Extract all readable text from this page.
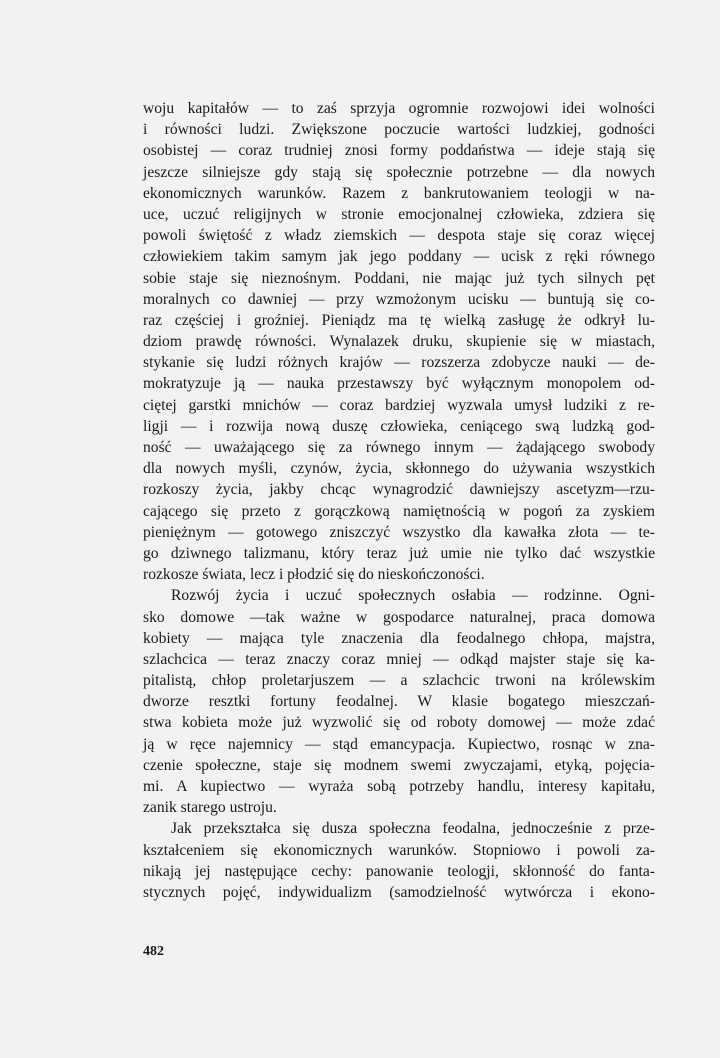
woju kapitałów — to zaś sprzyja ogromnie rozwojowi idei wolności
i równości ludzi. Zwiększone poczucie wartości ludzkiej, godności
osobistej — coraz trudniej znosi formy poddaństwa — ideje stają się
jeszcze silniejsze gdy stają się społecznie potrzebne — dla nowych
ekonomicznych warunków. Razem z bankrutowaniem teologji w na-
uce, uczuć religijnych w stronie emocjonalnej człowieka, zdziera się
powoli świętość z władz ziemskich — despota staje się coraz więcej
człowiekiem takim samym jak jego poddany — ucisk z ręki równego
sobie staje się nieznośnym. Poddani, nie mając już tych silnych pęt
moralnych co dawniej — przy wzmożonym ucisku — buntują się co-
raz częściej i groźniej. Pieniądz ma tę wielką zasługę że odkrył lu-
dziom prawdę równości. Wynalazek druku, skupienie się w miastach,
stykanie się ludzi różnych krajów — rozszerza zdobycze nauki — de-
mokratyzuje ją — nauka przestawszy być wyłącznym monopolem od-
ciętej garstki mnichów — coraz bardziej wyzwala umysł ludziki z re-
ligji — i rozwija nową duszę człowieka, ceniącego swą ludzką god-
ność — uważającego się za równego innym — żądającego swobody
dla nowych myśli, czynów, życia, skłonnego do używania wszystkich
rozkoszy życia, jakby chcąc wynagrodzić dawniejszy ascetyzm—rzu-
cającego się przeto z gorączkową namiętnością w pogoń za zyskiem
pieniężnym — gotowego zniszczyć wszystko dla kawałka złota — te-
go dziwnego talizmanu, który teraz już umie nie tylko dać wszystkie
rozkosze świata, lecz i płodzić się do nieskończoności.
Rozwój życia i uczuć społecznych osłabia — rodzinne. Ogni-
sko domowe —tak ważne w gospodarce naturalnej, praca domowa
kobiety — mająca tyle znaczenia dla feodalnego chłopa, majstra,
szlachcica — teraz znaczy coraz mniej — odkąd majster staje się ka-
pitalistą, chłop proletarjuszem — a szlachcic trwoni na królewskim
dworze resztki fortuny feodalnej. W klasie bogatego mieszczań-
stwa kobieta może już wyzwolić się od roboty domowej — może zdać
ją w ręce najemnicy — stąd emancypacja. Kupiectwo, rosnąc w zna-
czenie społeczne, staje się modnem swemi zwyczajami, etyką, pojęcia-
mi. A kupiectwo — wyraża sobą potrzeby handlu, interesy kapitału,
zanik starego ustroju.
Jak przekształca się dusza społeczna feodalna, jednocześnie z prze-
kształceniem się ekonomicznych warunków. Stopniowo i powoli za-
nikają jej następujące cechy: panowanie teologji, skłonność do fanta-
stycznych pojęć, indywidualizm (samodzielność wytwórcza i ekono-
482
